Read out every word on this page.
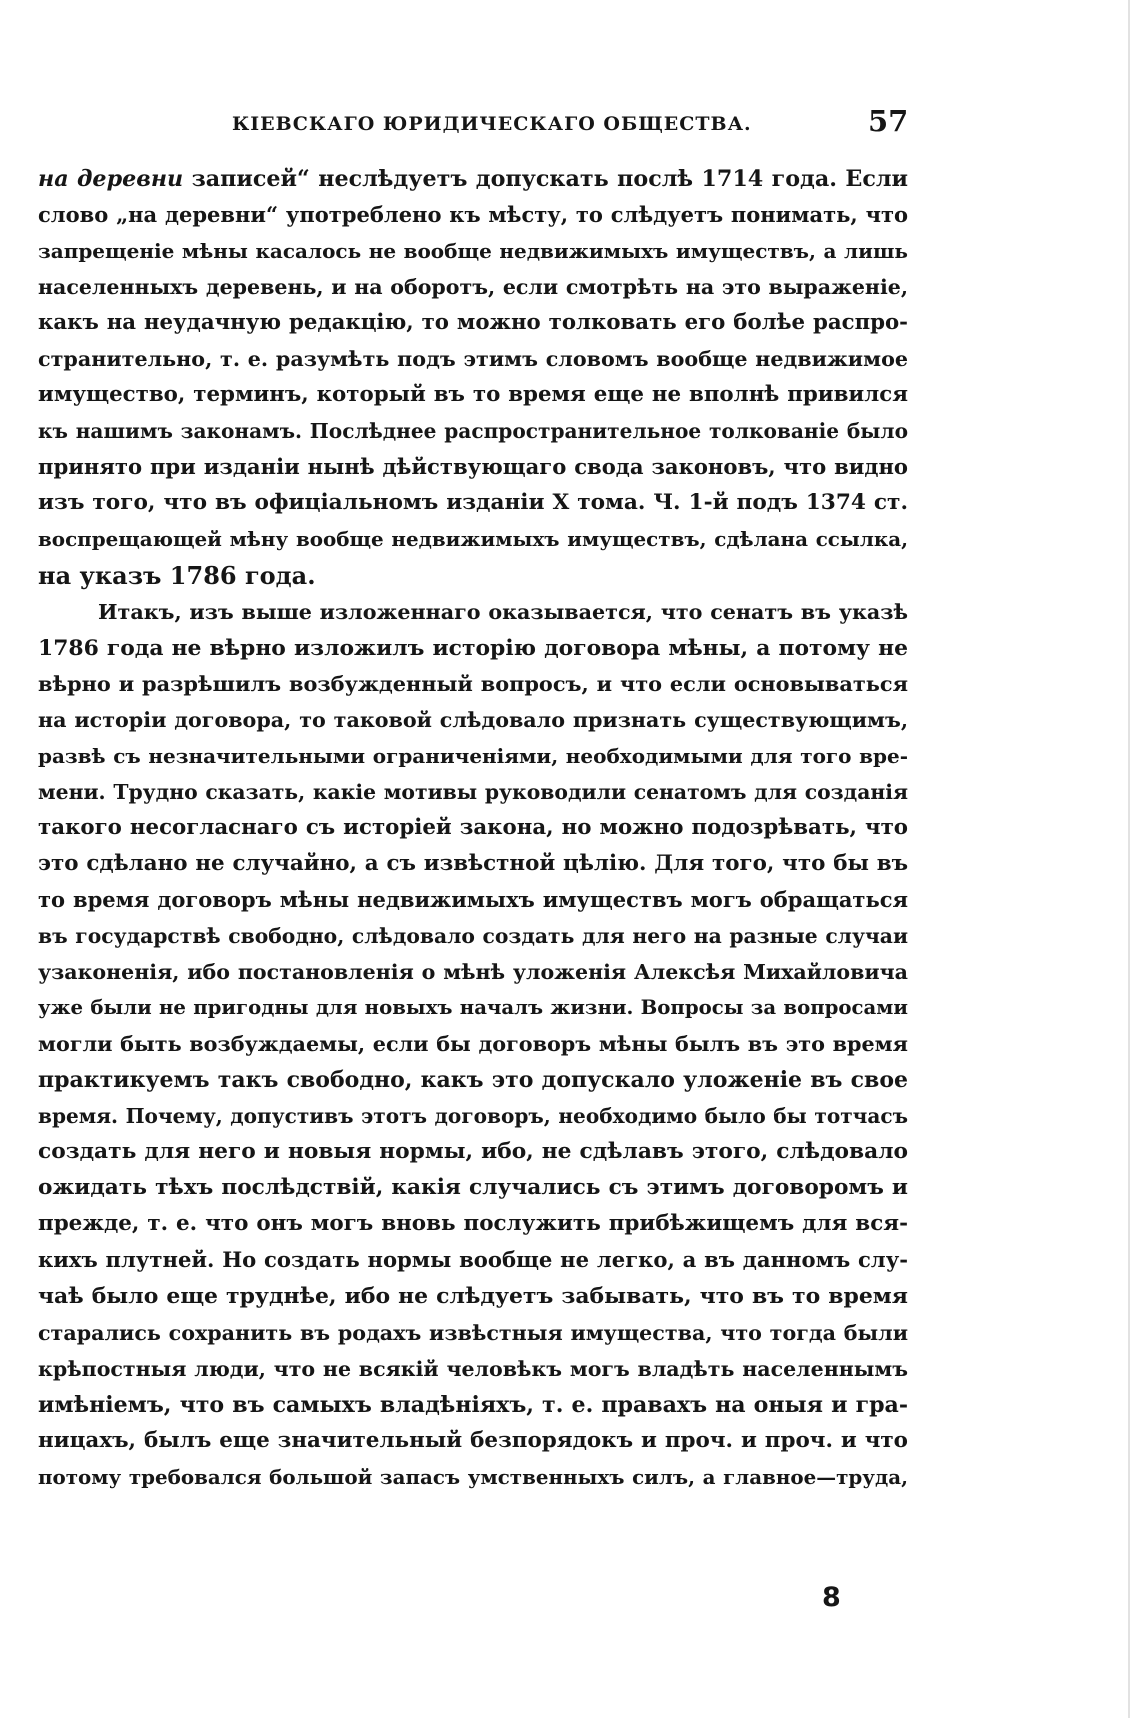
КІЕВСКАГО ЮРИДИЧЕСКАГО ОБЩЕСТВА.	57
на деревни записей“ неслѣдуетъ допускать послѣ 1714 года. Если
слово „на деревни“ употреблено къ мѣсту, то слѣдуетъ понимать, что
запрещеніе мѣны касалось не вообще недвижимыхъ имуществъ, а лишь
населенныхъ деревень, и на оборотъ, если смотрѣть на это выраженіе,
какъ на неудачную редакцію, то можно толковать его болѣе распро-
странительно, т. е. разумѣть подъ этимъ словомъ вообще недвижимое
имущество, терминъ, который въ то время еще не вполнѣ привился
къ нашимъ законамъ. Послѣднее распространительное толкованіе было
принято при изданіи нынѣ дѣйствующаго свода законовъ, что видно
изъ того, что въ офиціальномъ изданіи X тома. Ч. 1-й подъ 1374 ст.
воспрещающей мѣну вообще недвижимыхъ имуществъ, сдѣлана ссылка,
на указъ 1786 года.
Итакъ, изъ выше изложеннаго оказывается, что сенатъ въ указѣ
1786 года не вѣрно изложилъ исторію договора мѣны, а потому не
вѣрно и разрѣшилъ возбужденный вопросъ, и что если основываться
на исторіи договора, то таковой слѣдовало признать существующимъ,
развѣ съ незначительными ограниченіями, необходимыми для того вре-
мени. Трудно сказать, какіе мотивы руководили сенатомъ для созданія
такого несогласнаго съ исторіей закона, но можно подозрѣвать, что
это сдѣлано не случайно, а съ извѣстной цѣлію. Для того, что бы въ
то время договоръ мѣны недвижимыхъ имуществъ могъ обращаться
въ государствѣ свободно, слѣдовало создать для него на разные случаи
узаконенія, ибо постановленія о мѣнѣ уложенія Алексѣя Михайловича
уже были не пригодны для новыхъ началъ жизни. Вопросы за вопросами
могли быть возбуждаемы, если бы договоръ мѣны былъ въ это время
практикуемъ такъ свободно, какъ это допускало уложеніе въ свое
время. Почему, допустивъ этотъ договоръ, необходимо было бы тотчасъ
создать для него и новыя нормы, ибо, не сдѣлавъ этого, слѣдовало
ожидать тѣхъ послѣдствій, какія случались съ этимъ договоромъ и
прежде, т. е. что онъ могъ вновь послужить прибѣжищемъ для вся-
кихъ плутней. Но создать нормы вообще не легко, а въ данномъ слу-
чаѣ было еще труднѣе, ибо не слѣдуетъ забывать, что въ то время
старались сохранить въ родахъ извѣстныя имущества, что тогда были
крѣпостныя люди, что не всякій человѣкъ могъ владѣть населеннымъ
имѣніемъ, что въ самыхъ владѣніяхъ, т. е. правахъ на оныя и гра-
ницахъ, былъ еще значительный безпорядокъ и проч. и проч. и что
потому требовался большой запасъ умственныхъ силъ, а главное—труда,
8
